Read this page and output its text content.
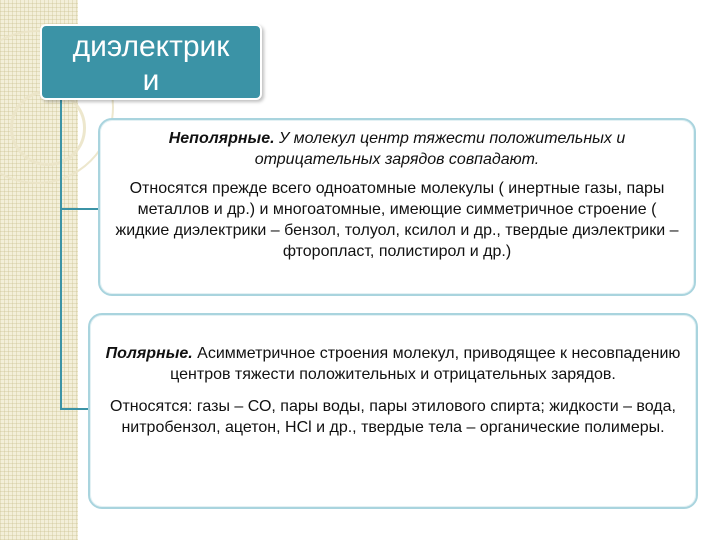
диэлектрик
и

Неполярные. У молекул центр тяжести положительных и отрицательных зарядов совпадают.

Относятся прежде всего одноатомные молекулы ( инертные газы, пары металлов и др.) и многоатомные, имеющие симметричное строение ( жидкие диэлектрики – бензол, толуол, ксилол и др., твердые диэлектрики – фторопласт, полистирол и др.)

Полярные. Асимметричное строения молекул, приводящее к несовпадению центров тяжести положительных и отрицательных зарядов.

Относятся: газы – СО, пары воды, пары этилового спирта; жидкости – вода, нитробензол, ацетон, НСl и др., твердые тела – органические полимеры.
